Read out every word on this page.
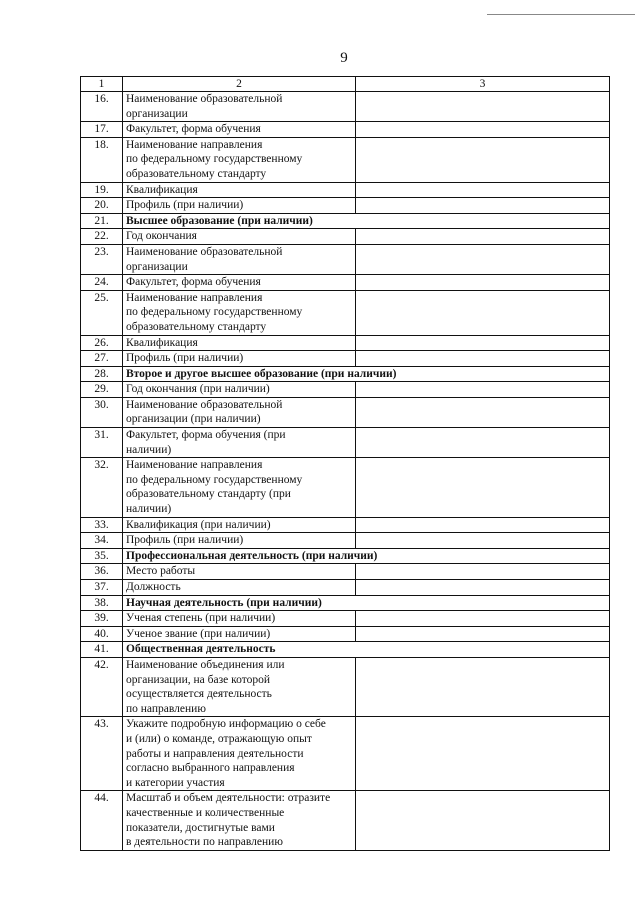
9
1	2	3
16.	Наименование образовательной
организации	

17.	Факультет, форма обучения	

18.	Наименование направления
по федеральному государственному
образовательному стандарту	

19.	Квалификация	

20.	Профиль (при наличии)	

21.	Высшее образование (при наличии)	

22.	Год окончания	

23.	Наименование образовательной
организации	

24.	Факультет, форма обучения	

25.	Наименование направления
по федеральному государственному
образовательному стандарту	

26.	Квалификация	

27.	Профиль (при наличии)	

28.	Второе и другое высшее образование (при наличии)	

29.	Год окончания (при наличии)	

30.	Наименование образовательной
организации (при наличии)	

31.	Факультет, форма обучения (при
наличии)	

32.	Наименование направления
по федеральному государственному
образовательному стандарту (при
наличии)	

33.	Квалификация (при наличии)	

34.	Профиль (при наличии)	

35.	Профессиональная деятельность (при наличии)	

36.	Место работы	

37.	Должность	

38.	Научная деятельность (при наличии)	

39.	Ученая степень (при наличии)	

40.	Ученое звание (при наличии)	

41.	Общественная деятельность	

42.	Наименование объединения или
организации, на базе которой
осуществляется деятельность
по направлению	

43.	Укажите подробную информацию о себе
и (или) о команде, отражающую опыт
работы и направления деятельности
согласно выбранного направления
и категории участия	

44.	Масштаб и объем деятельности: отразите
качественные и количественные
показатели, достигнутые вами
в деятельности по направлению	
